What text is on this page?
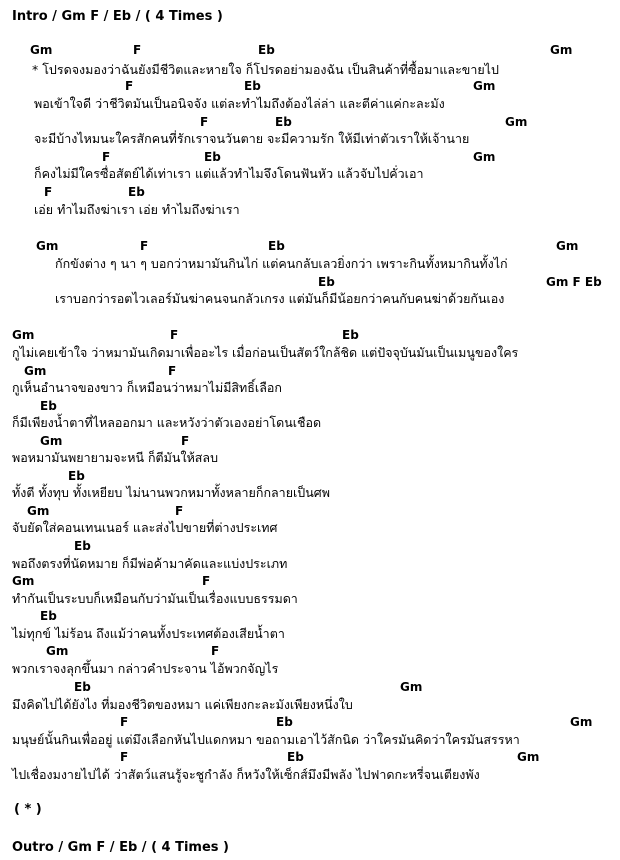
Intro / Gm F / Eb / ( 4 Times )
Gm	F	Eb	Gm
* โปรดจงมองว่าฉันยังมีชีวิตและหายใจ ก็โปรดอย่ามองฉัน เป็นสินค้าที่ซื้อมาและขายไป
F	Eb	Gm
พอเข้าใจดี ว่าชีวิตมันเป็นอนิจจัง แต่ละทำไมถึงต้องไล่ล่า และตีค่าแค่กะละมัง
F	Eb	Gm
จะมีบ้างไหมนะใครสักคนที่รักเราจนวันตาย จะมีความรัก ให้มีเท่าตัวเราให้เจ้านาย
F	Eb	Gm
ก็คงไม่มีใครซื่อสัตย์ได้เท่าเรา แต่แล้วทำไมจึงโดนฟันหัว แล้วจับไปคั่วเอา
F	Eb
เอ่ย ทำไมถึงฆ่าเรา เอ่ย ทำไมถึงฆ่าเรา
Gm	F	Eb	Gm
กักขังต่าง ๆ นา ๆ บอกว่าหมามันกินไก่ แต่คนกลับเลวยิ่งกว่า เพราะกินทั้งหมากินทั้งไก่
Eb	Gm F Eb
เราบอกว่ารอตไวเลอร์มันฆ่าคนจนกลัวเกรง แต่มันก็มีน้อยกว่าคนกับคนฆ่าด้วยกันเอง
Gm	F	Eb
กูไม่เคยเข้าใจ ว่าหมามันเกิดมาเพื่ออะไร เมื่อก่อนเป็นสัตว์ใกล้ชิด แต่ปัจจุบันมันเป็นเมนูของใคร
Gm	F
กูเห็นอำนาจของขาว ก็เหมือนว่าหมาไม่มีสิทธิ์เลือก
Eb
ก็มีเพียงน้ำตาที่ไหลออกมา และหวังว่าตัวเองอย่าโดนเชือด
Gm	F
พอหมามันพยายามจะหนี ก็ตีมันให้สลบ
Eb
ทั้งตี ทั้งทุบ ทั้งเหยียบ ไม่นานพวกหมาทั้งหลายก็กลายเป็นศพ
Gm	F
จับยัดใส่คอนเทนเนอร์ และส่งไปขายที่ต่างประเทศ
Eb
พอถึงตรงที่นัดหมาย ก็มีพ่อค้ามาคัดและแบ่งประเภท
Gm	F
ทำกันเป็นระบบก็เหมือนกับว่ามันเป็นเรื่องแบบธรรมดา
Eb
ไม่ทุกข์ ไม่ร้อน ถึงแม้ว่าคนทั้งประเทศต้องเสียน้ำตา
Gm	F
พวกเราจงลุกขึ้นมา กล่าวคำประจาน ไอ้พวกจัญไร
Eb	Gm
มึงคิดไปได้ยังไง ที่มองชีวิตของหมา แค่เพียงกะละมังเพียงหนึ่งใบ
F	Eb	Gm
มนุษย์นั้นกินเพื่ออยู่ แต่มึงเลือกหันไปแดกหมา ขอถามเอาไว้สักนิด ว่าใครมันคิดว่าใครมันสรรหา
F	Eb	Gm
ไปเชื่องมงายไปได้ ว่าสัตว์แสนรู้จะชูกำลัง ก็หวังให้เซ็กส์มึงมีพลัง ไปฟาดกะหรี่จนเตียงพัง
( * )
Outro / Gm F / Eb / ( 4 Times )
